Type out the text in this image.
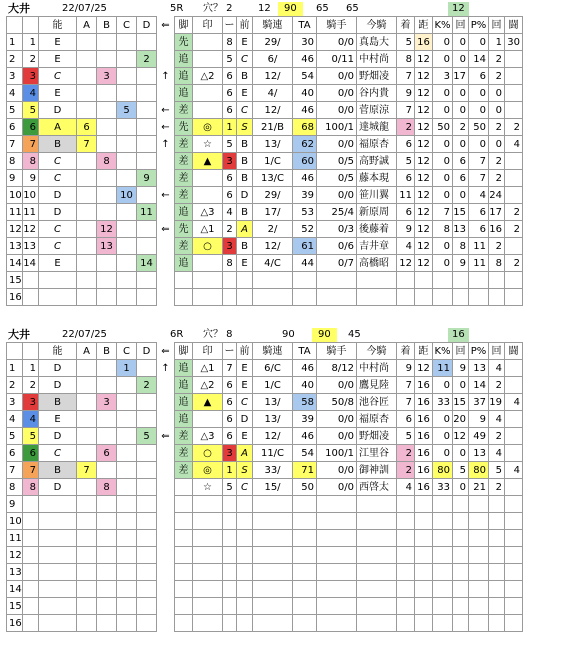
大井	22/07/25	5R 穴？ 2	12	90	65 65	12
		能	A	B	C	D	⇐	脚	印	ー	前	騎連	TA	騎手	今騎	着	距	K%	回	P%	回	闘
1	1	E						先		8	E	29/	30	0/0	真島大	5	16	0	0	0	1	30
2	2	E				2		追		5	C	6/	46	0/11	中村尚	8	12	0	0	14	2	
3	3	C		3			↑	追	△2	6	B	12/	54	0/0	野畑凌	7	12	3	17	6	2	
4	4	E						追		6	E	4/	40	0/0	谷内貴	9	12	0	0	0	0	
5	5	D			5		←	差		6	C	12/	46	0/0	菅原涼	7	12	0	0	0	0	
6	6	A	6				←	先	◎	1	S	21/B	68	100/1	達城龍	2	12	50	2	50	2	2
7	7	B	7				↑	差	☆	5	B	13/	62	0/0	福原杏	6	12	0	0	0	0	4
8	8	C		8				差	▲	3	B	1/C	60	0/5	高野誠	5	12	0	6	7	2	
9	9	C				9		差		6	B	13/C	46	0/5	藤本現	6	12	0	6	7	2	
10	10	D			10		←	差		6	D	29/	39	0/0	笹川翼	11	12	0	0	4	24	
11	11	D				11		追	△3	4	B	17/	53	25/4	新原周	6	12	7	15	6	17	2
12	12	C		12			⇐	先	△1	2	A	2/	52	0/3	後藤着	9	12	8	13	6	16	2
13	13	C		13				差	○	3	B	12/	61	0/6	吉井章	4	12	0	8	11	2	
14	14	E				14		追		8	E	4/C	44	0/7	高橋昭	12	12	0	9	11	8	2
15																						
16																						
大井	22/07/25	6R 穴？ 8	90	90	45	16
		能	A	B	C	D	⇐	脚	印	ー	前	騎連	TA	騎手	今騎	着	距	K%	回	P%	回	闘
1	1	D			1		↑	追	△1	7	E	6/C	46	8/12	中村尚	9	12	11	9	13	4	
2	2	D				2		追	△2	6	E	1/C	40	0/0	鷹見陸	7	16	0	0	14	2	
3	3	B		3				追	▲	6	C	13/	58	50/8	池谷匠	7	16	33	15	37	19	4
4	4	E						追		6	D	13/	39	0/0	福原杏	6	16	0	20	9	4	
5	5	D				5	⇐	差	△3	6	E	12/	46	0/0	野畑凌	5	16	0	12	49	2	
6	6	C		6				差	○	3	A	11/C	54	100/1	江里谷	2	16	0	0	13	4	
7	7	B	7					差	◎	1	S	33/	71	0/0	御神訓	2	16	80	5	80	5	4
8	8	D		8					☆	5	C	15/	50	0/0	西啓太	4	16	33	0	21	2	
9																						
10																						
11																						
12																						
13																						
14																						
15																						
16																						
